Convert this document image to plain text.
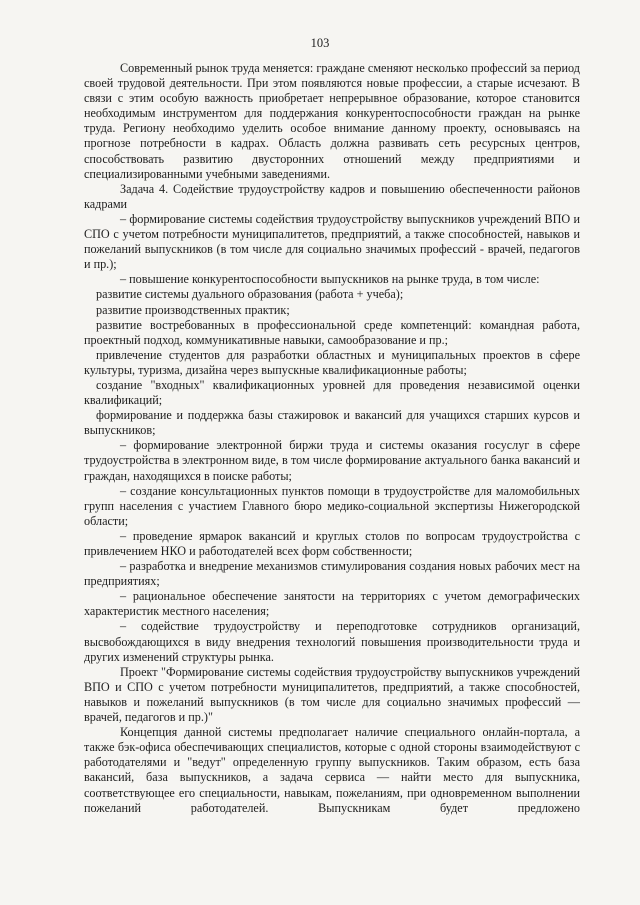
103

Современный рынок труда меняется: граждане сменяют несколько профессий за период своей трудовой деятельности. При этом появляются новые профессии, а старые исчезают. В связи с этим особую важность приобретает непрерывное образование, которое становится необходимым инструментом для поддержания конкурентоспособности граждан на рынке труда. Региону необходимо уделить особое внимание данному проекту, основываясь на прогнозе потребности в кадрах. Область должна развивать сеть ресурсных центров, способствовать развитию двусторонних отношений между предприятиями и специализированными учебными заведениями.

Задача 4. Содействие трудоустройству кадров и повышению обеспеченности районов кадрами

– формирование системы содействия трудоустройству выпускников учреждений ВПО и СПО с учетом потребности муниципалитетов, предприятий, а также способностей, навыков и пожеланий выпускников (в том числе для социально значимых профессий - врачей, педагогов и пр.);

– повышение конкурентоспособности выпускников на рынке труда, в том числе:

развитие системы дуального образования (работа + учеба);

развитие производственных практик;

развитие востребованных в профессиональной среде компетенций: командная работа, проектный подход, коммуникативные навыки, самообразование и пр.;

привлечение студентов для разработки областных и муниципальных проектов в сфере культуры, туризма, дизайна через выпускные квалификационные работы;

создание "входных" квалификационных уровней для проведения независимой оценки квалификаций;

формирование и поддержка базы стажировок и вакансий для учащихся старших курсов и выпускников;

– формирование электронной биржи труда и системы оказания госуслуг в сфере трудоустройства в электронном виде, в том числе формирование актуального банка вакансий и граждан, находящихся в поиске работы;

– создание консультационных пунктов помощи в трудоустройстве для маломобильных групп населения с участием Главного бюро медико-социальной экспертизы Нижегородской области;

– проведение ярмарок вакансий и круглых столов по вопросам трудоустройства с привлечением НКО и работодателей всех форм собственности;

– разработка и внедрение механизмов стимулирования создания новых рабочих мест на предприятиях;

– рациональное обеспечение занятости на территориях с учетом демографических характеристик местного населения;

– содействие трудоустройству и переподготовке сотрудников организаций, высвобождающихся в виду внедрения технологий повышения производительности труда и других изменений структуры рынка.

Проект "Формирование системы содействия трудоустройству выпускников учреждений ВПО и СПО с учетом потребности муниципалитетов, предприятий, а также способностей, навыков и пожеланий выпускников (в том числе для социально значимых профессий — врачей, педагогов и пр.)"

Концепция данной системы предполагает наличие специального онлайн-портала, а также бэк-офиса обеспечивающих специалистов, которые с одной стороны взаимодействуют с работодателями и "ведут" определенную группу выпускников. Таким образом, есть база вакансий, база выпускников, а задача сервиса — найти место для выпускника, соответствующее его специальности, навыкам, пожеланиям, при одновременном выполнении пожеланий работодателей. Выпускникам будет предложено
